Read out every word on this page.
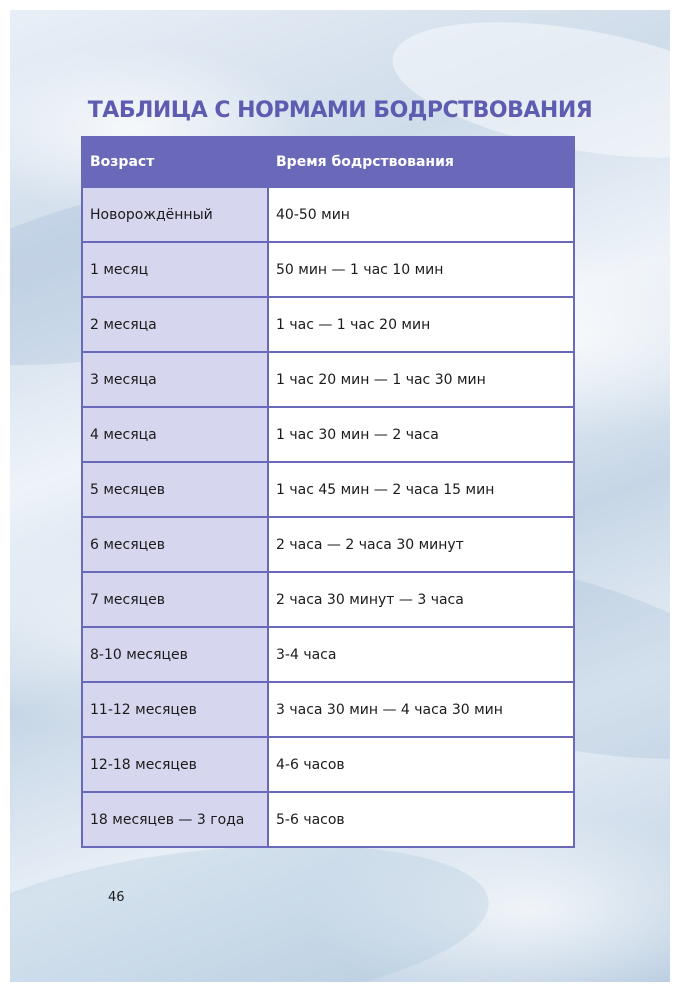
ТАБЛИЦА С НОРМАМИ БОДРСТВОВАНИЯ
Возраст	Время бодрствования
Новорождённый	40-50 мин
1 месяц	50 мин — 1 час 10 мин
2 месяца	1 час — 1 час 20 мин
3 месяца	1 час 20 мин — 1 час 30 мин
4 месяца	1 час 30 мин — 2 часа
5 месяцев	1 час 45 мин — 2 часа 15 мин
6 месяцев	2 часа — 2 часа 30 минут
7 месяцев	2 часа 30 минут — 3 часа
8-10 месяцев	3-4 часа
11-12 месяцев	3 часа 30 мин — 4 часа 30 мин
12-18 месяцев	4-6 часов
18 месяцев — 3 года	5-6 часов
46
